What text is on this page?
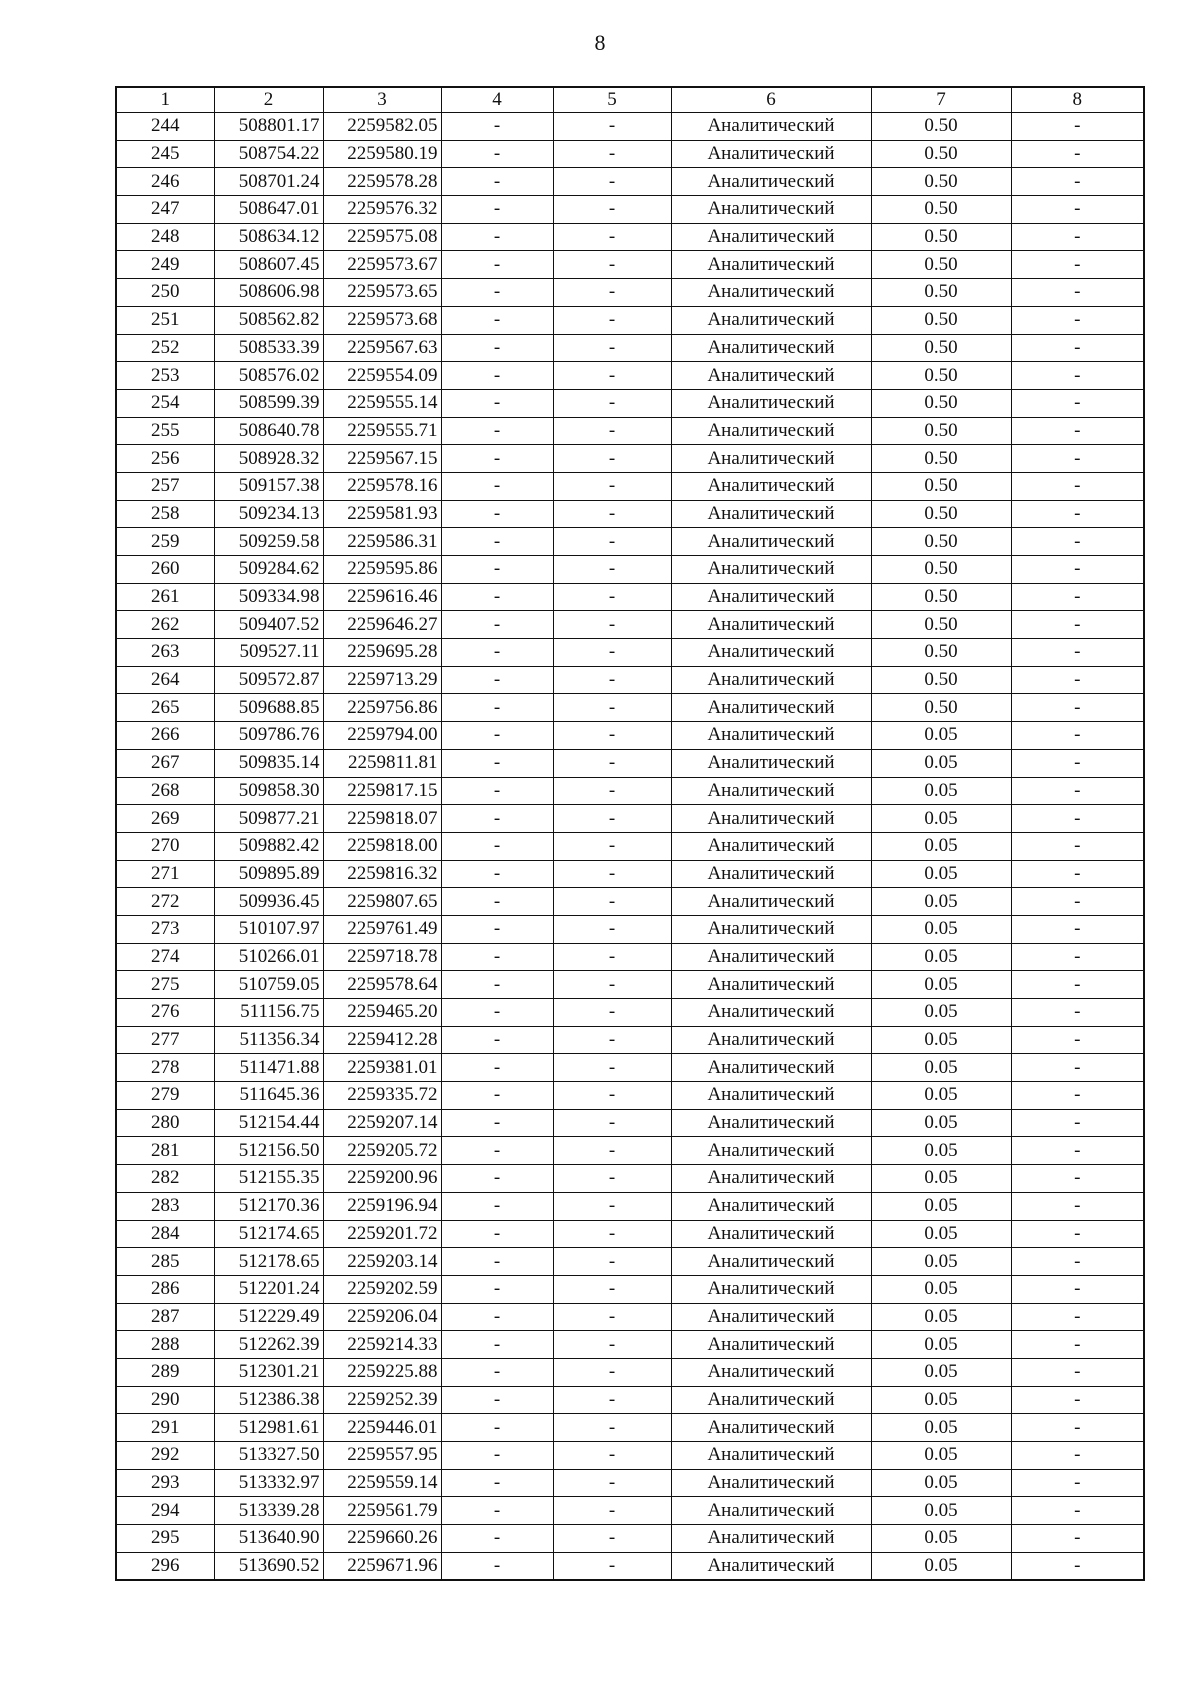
8
1	2	3	4	5	6	7	8
244	508801.17	2259582.05	-	-	Аналитический	0.50	-
245	508754.22	2259580.19	-	-	Аналитический	0.50	-
246	508701.24	2259578.28	-	-	Аналитический	0.50	-
247	508647.01	2259576.32	-	-	Аналитический	0.50	-
248	508634.12	2259575.08	-	-	Аналитический	0.50	-
249	508607.45	2259573.67	-	-	Аналитический	0.50	-
250	508606.98	2259573.65	-	-	Аналитический	0.50	-
251	508562.82	2259573.68	-	-	Аналитический	0.50	-
252	508533.39	2259567.63	-	-	Аналитический	0.50	-
253	508576.02	2259554.09	-	-	Аналитический	0.50	-
254	508599.39	2259555.14	-	-	Аналитический	0.50	-
255	508640.78	2259555.71	-	-	Аналитический	0.50	-
256	508928.32	2259567.15	-	-	Аналитический	0.50	-
257	509157.38	2259578.16	-	-	Аналитический	0.50	-
258	509234.13	2259581.93	-	-	Аналитический	0.50	-
259	509259.58	2259586.31	-	-	Аналитический	0.50	-
260	509284.62	2259595.86	-	-	Аналитический	0.50	-
261	509334.98	2259616.46	-	-	Аналитический	0.50	-
262	509407.52	2259646.27	-	-	Аналитический	0.50	-
263	509527.11	2259695.28	-	-	Аналитический	0.50	-
264	509572.87	2259713.29	-	-	Аналитический	0.50	-
265	509688.85	2259756.86	-	-	Аналитический	0.50	-
266	509786.76	2259794.00	-	-	Аналитический	0.05	-
267	509835.14	2259811.81	-	-	Аналитический	0.05	-
268	509858.30	2259817.15	-	-	Аналитический	0.05	-
269	509877.21	2259818.07	-	-	Аналитический	0.05	-
270	509882.42	2259818.00	-	-	Аналитический	0.05	-
271	509895.89	2259816.32	-	-	Аналитический	0.05	-
272	509936.45	2259807.65	-	-	Аналитический	0.05	-
273	510107.97	2259761.49	-	-	Аналитический	0.05	-
274	510266.01	2259718.78	-	-	Аналитический	0.05	-
275	510759.05	2259578.64	-	-	Аналитический	0.05	-
276	511156.75	2259465.20	-	-	Аналитический	0.05	-
277	511356.34	2259412.28	-	-	Аналитический	0.05	-
278	511471.88	2259381.01	-	-	Аналитический	0.05	-
279	511645.36	2259335.72	-	-	Аналитический	0.05	-
280	512154.44	2259207.14	-	-	Аналитический	0.05	-
281	512156.50	2259205.72	-	-	Аналитический	0.05	-
282	512155.35	2259200.96	-	-	Аналитический	0.05	-
283	512170.36	2259196.94	-	-	Аналитический	0.05	-
284	512174.65	2259201.72	-	-	Аналитический	0.05	-
285	512178.65	2259203.14	-	-	Аналитический	0.05	-
286	512201.24	2259202.59	-	-	Аналитический	0.05	-
287	512229.49	2259206.04	-	-	Аналитический	0.05	-
288	512262.39	2259214.33	-	-	Аналитический	0.05	-
289	512301.21	2259225.88	-	-	Аналитический	0.05	-
290	512386.38	2259252.39	-	-	Аналитический	0.05	-
291	512981.61	2259446.01	-	-	Аналитический	0.05	-
292	513327.50	2259557.95	-	-	Аналитический	0.05	-
293	513332.97	2259559.14	-	-	Аналитический	0.05	-
294	513339.28	2259561.79	-	-	Аналитический	0.05	-
295	513640.90	2259660.26	-	-	Аналитический	0.05	-
296	513690.52	2259671.96	-	-	Аналитический	0.05	-
